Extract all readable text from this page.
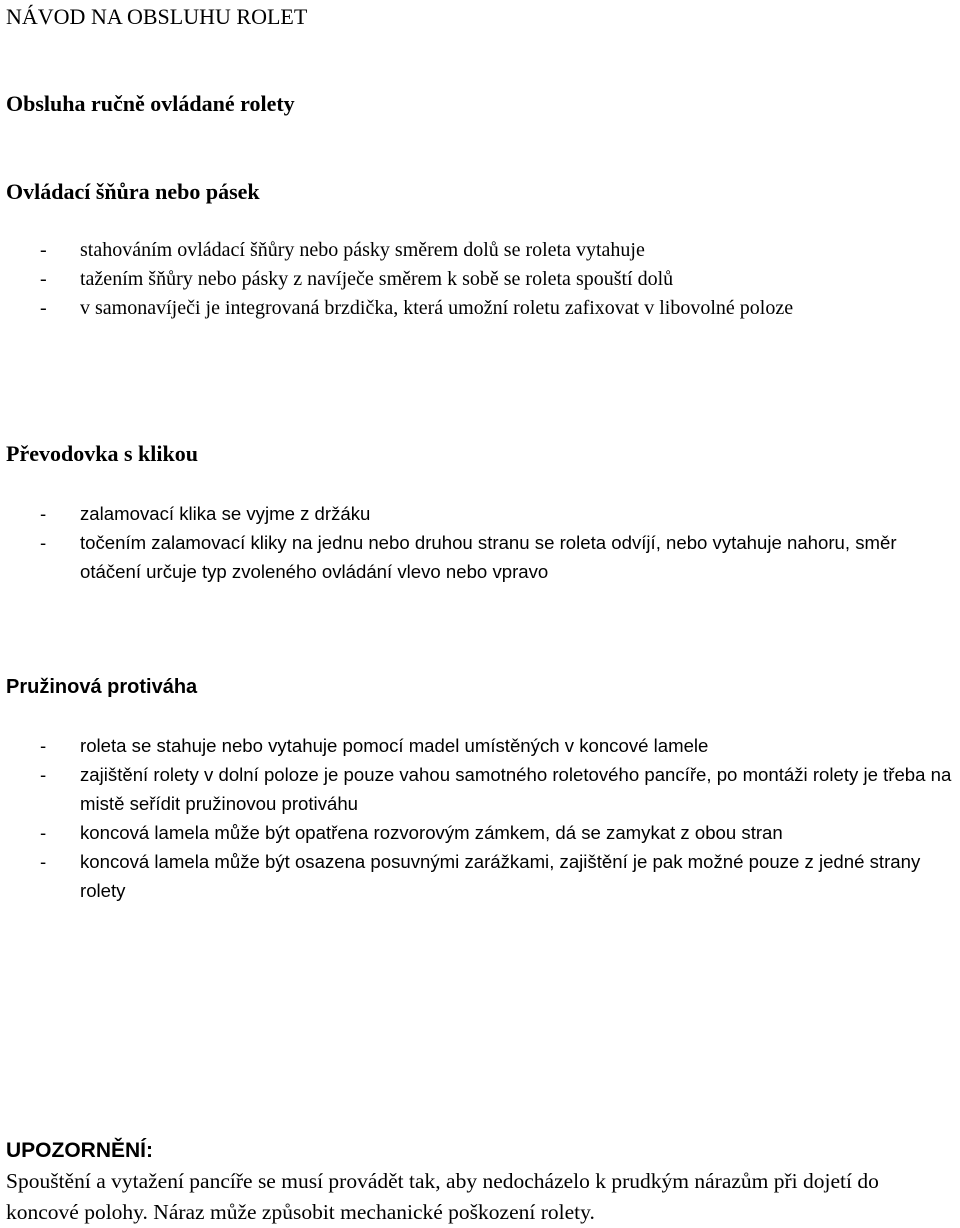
NÁVOD NA OBSLUHU ROLET
Obsluha ručně ovládané rolety
Ovládací šňůra nebo pásek
- stahováním ovládací šňůry nebo pásky směrem dolů se roleta vytahuje
- tažením šňůry nebo pásky z navíječe směrem k sobě se roleta spouští dolů
- v samonavíječi je integrovaná brzdička, která umožní roletu zafixovat v libovolné poloze
Převodovka s klikou
- zalamovací klika se vyjme z držáku
- točením zalamovací kliky na jednu nebo druhou stranu se roleta odvíjí, nebo vytahuje nahoru, směr otáčení určuje typ zvoleného ovládání vlevo nebo vpravo
Pružinová protiváha
- roleta se stahuje nebo vytahuje pomocí madel umístěných v koncové lamele
- zajištění rolety v dolní poloze je pouze vahou samotného roletového pancíře, po montáži rolety je třeba na mistě seřídit pružinovou protiváhu
- koncová lamela může být opatřena rozvorovým zámkem, dá se zamykat z obou stran
- koncová lamela může být osazena posuvnými zarážkami, zajištění je pak možné pouze z jedné strany rolety
UPOZORNĚNÍ:

Spouštění a vytažení pancíře se musí provádět tak, aby nedocházelo k prudkým nárazům při dojetí do koncové polohy. Náraz může způsobit mechanické poškození rolety.
